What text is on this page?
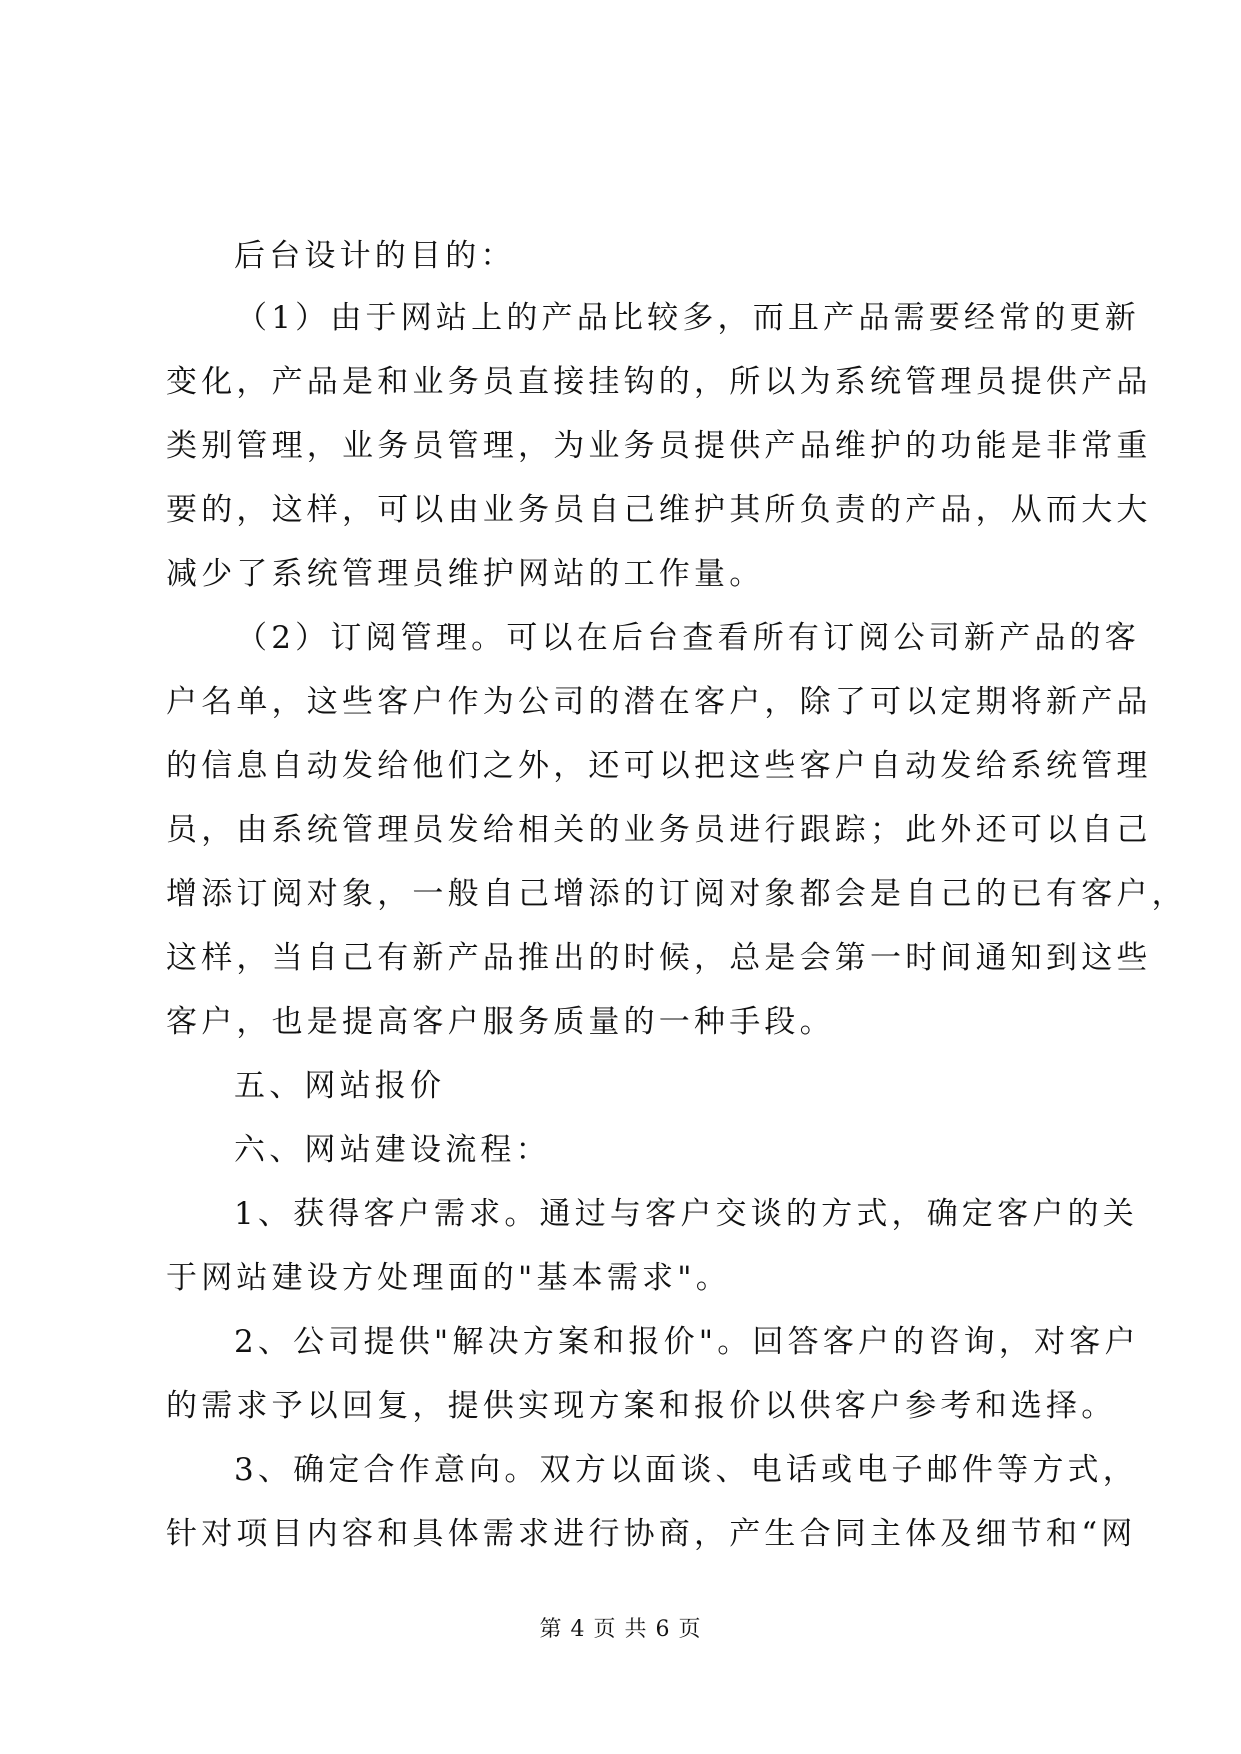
后台设计的目的：
（1）由于网站上的产品比较多，而且产品需要经常的更新
变化，产品是和业务员直接挂钩的，所以为系统管理员提供产品
类别管理，业务员管理，为业务员提供产品维护的功能是非常重
要的，这样，可以由业务员自己维护其所负责的产品，从而大大
减少了系统管理员维护网站的工作量。
（2）订阅管理。可以在后台查看所有订阅公司新产品的客
户名单，这些客户作为公司的潜在客户，除了可以定期将新产品
的信息自动发给他们之外，还可以把这些客户自动发给系统管理
员，由系统管理员发给相关的业务员进行跟踪；此外还可以自己
增添订阅对象，一般自己增添的订阅对象都会是自己的已有客户，
这样，当自己有新产品推出的时候，总是会第一时间通知到这些
客户，也是提高客户服务质量的一种手段。
五、网站报价
六、网站建设流程：
1、获得客户需求。通过与客户交谈的方式，确定客户的关
于网站建设方处理面的"基本需求"。
2、公司提供"解决方案和报价"。回答客户的咨询，对客户
的需求予以回复，提供实现方案和报价以供客户参考和选择。
3、确定合作意向。双方以面谈、电话或电子邮件等方式，
针对项目内容和具体需求进行协商，产生合同主体及细节和“网
第 4 页 共 6 页
